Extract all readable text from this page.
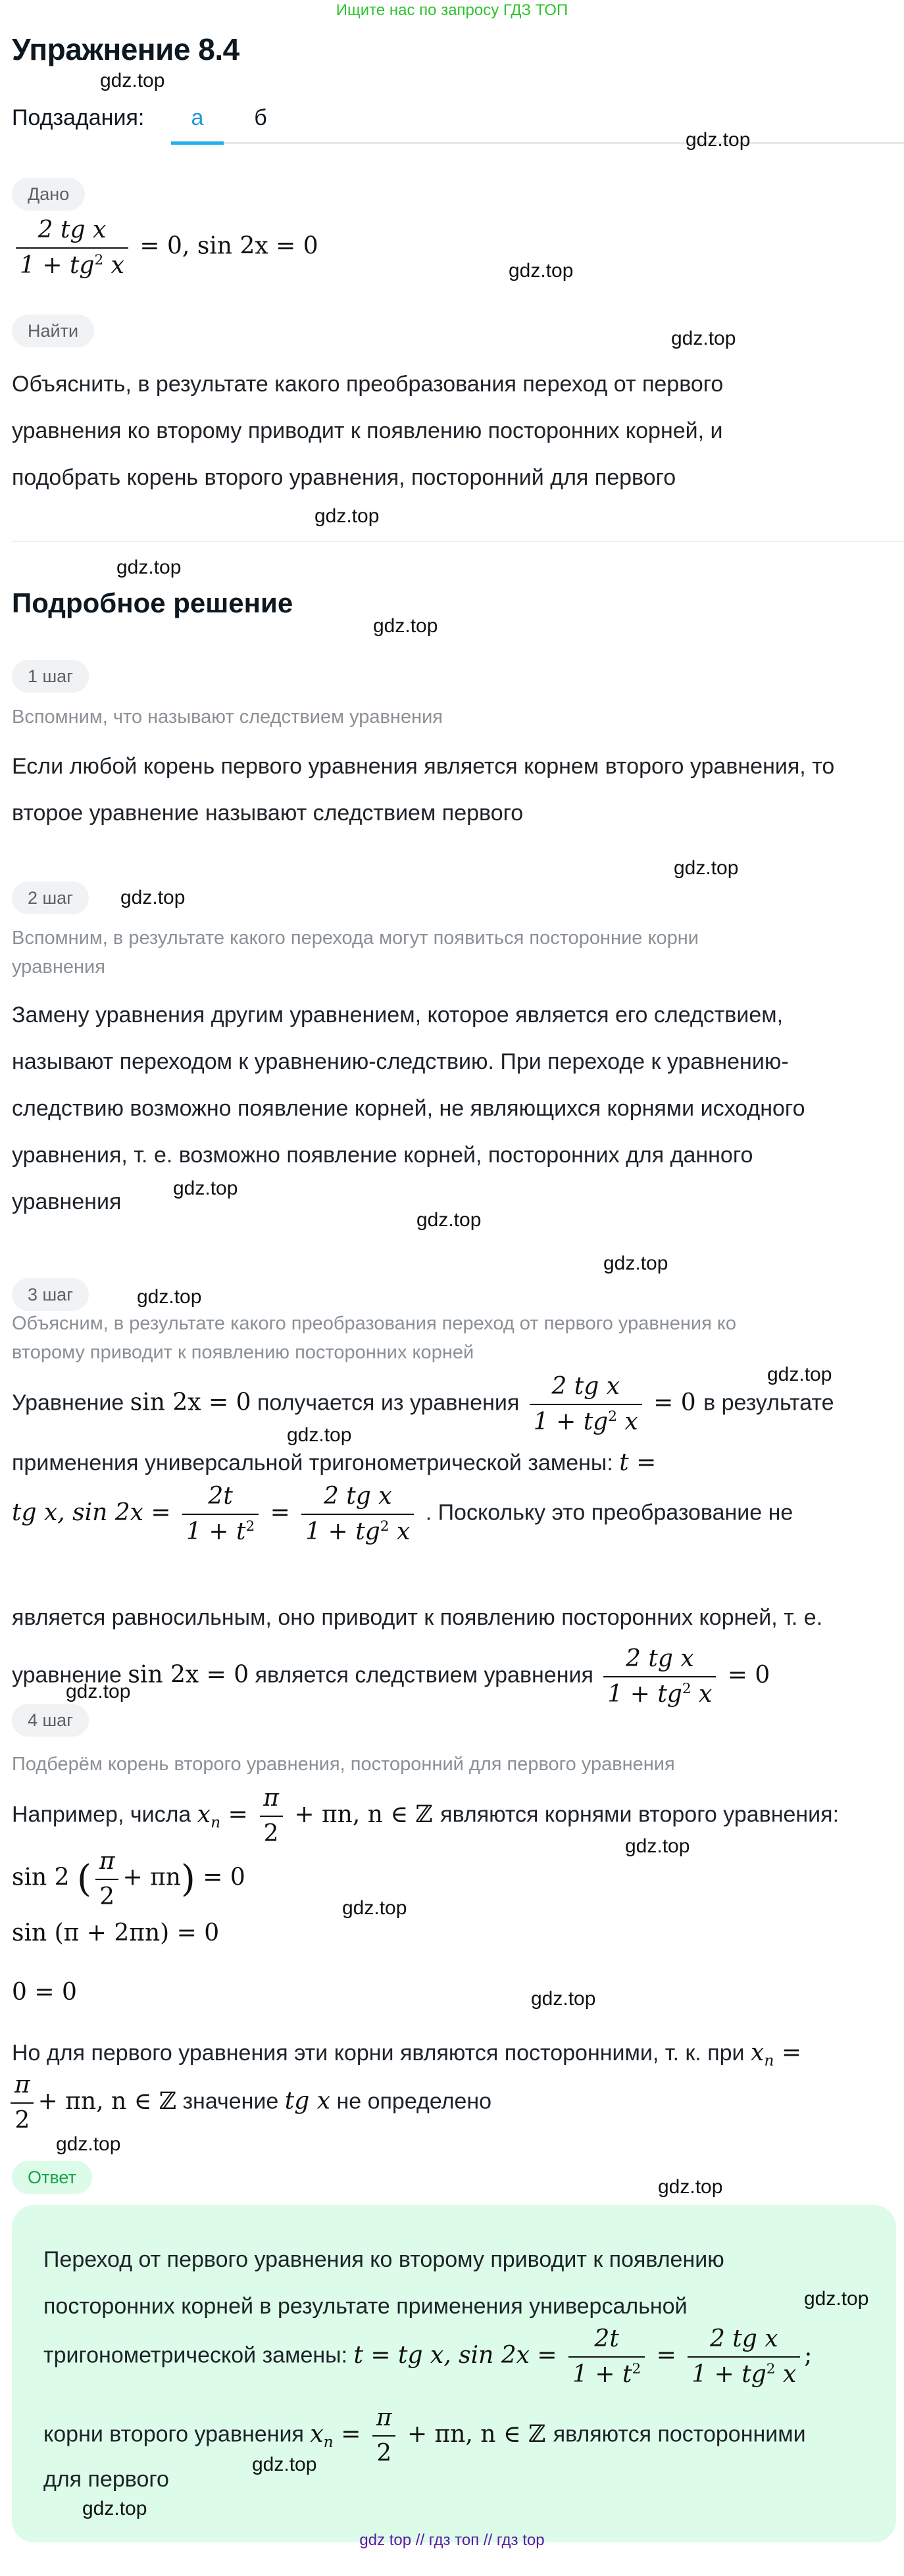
Ищите нас по запросу ГДЗ ТОП
Упражнение 8.4
gdz.top
Подзадания:	а	б
gdz.top
Дано
$\frac{\text{2 tg x}}{1 + tg^2 x} = 0$, sin 2x = 0
gdz.top
Найти	gdz.top
Объяснить, в результате какого преобразования переход от первого
уравнения ко второму приводит к появлению посторонних корней, и
подобрать корень второго уравнения, посторонний для первого
gdz.top
gdz.top
Подробное решение
gdz.top
1 шаг
Вспомним, что называют следствием уравнения
Если любой корень первого уравнения является корнем второго уравнения, то
второе уравнение называют следствием первого
gdz.top
2 шаг	gdz.top
Вспомним, в результате какого перехода могут появиться посторонние корни
уравнения
Замену уравнения другим уравнением, которое является его следствием,
называют переходом к уравнению-следствию. При переходе к уравнению-
следствию возможно появление корней, не являющихся корнями исходного
уравнения, т. е. возможно появление корней, посторонних для данного
уравнения
gdz.top
gdz.top
gdz.top
3 шаг	gdz.top
Объясним, в результате какого преобразования переход от первого уравнения ко
второму приводит к появлению посторонних корней
gdz.top
Уравнение sin 2x = 0 получается из уравнения $\frac{\text{2 tg x}}{1 + tg^2 x} = 0$ в результате
gdz.top
применения универсальной тригонометрической замены: t =
tg x, $\sin 2x = \frac{2t}{1 + t^2} = \frac{\text{2 tg x}}{1 + tg^2 x}$ . Поскольку это преобразование не
является равносильным, оно приводит к появлению посторонних корней, т. е.
уравнение sin 2x = 0 является следствием уравнения $\frac{\text{2 tg x}}{1 + tg^2 x} = 0$
gdz.top
4 шаг
Подберём корень второго уравнения, посторонний для первого уравнения
Например, числа $x_n = \frac{\pi}{2} + \pi n$, n ∈ ℤ являются корнями второго уравнения:
gdz.top
sin 2 ( $\frac{\pi}{2} + \pi n) = 0$
gdz.top
sin (π + 2πn) = 0
0 = 0	gdz.top
Но для первого уравнения эти корни являются посторонними, т. к. при $x_n$ =
$\frac{\pi}{2} + \pi n$, n ∈ ℤ значение tg x не определено
gdz.top
Ответ	gdz.top
Переход от первого уравнения ко второму приводит к появлению
посторонних корней в результате применения универсальной	gdz.top
тригонометрической замены: t = tg x, $\sin 2x = \frac{2t}{1 + t^2} = \frac{\text{2 tg x}}{1 + tg^2 x}$ ;
корни второго уравнения $x_n = \frac{\pi}{2} + \pi n$, n ∈ ℤ являются посторонними
gdz.top
для первого
gdz.top
gdz top // гдз топ // гдз top
